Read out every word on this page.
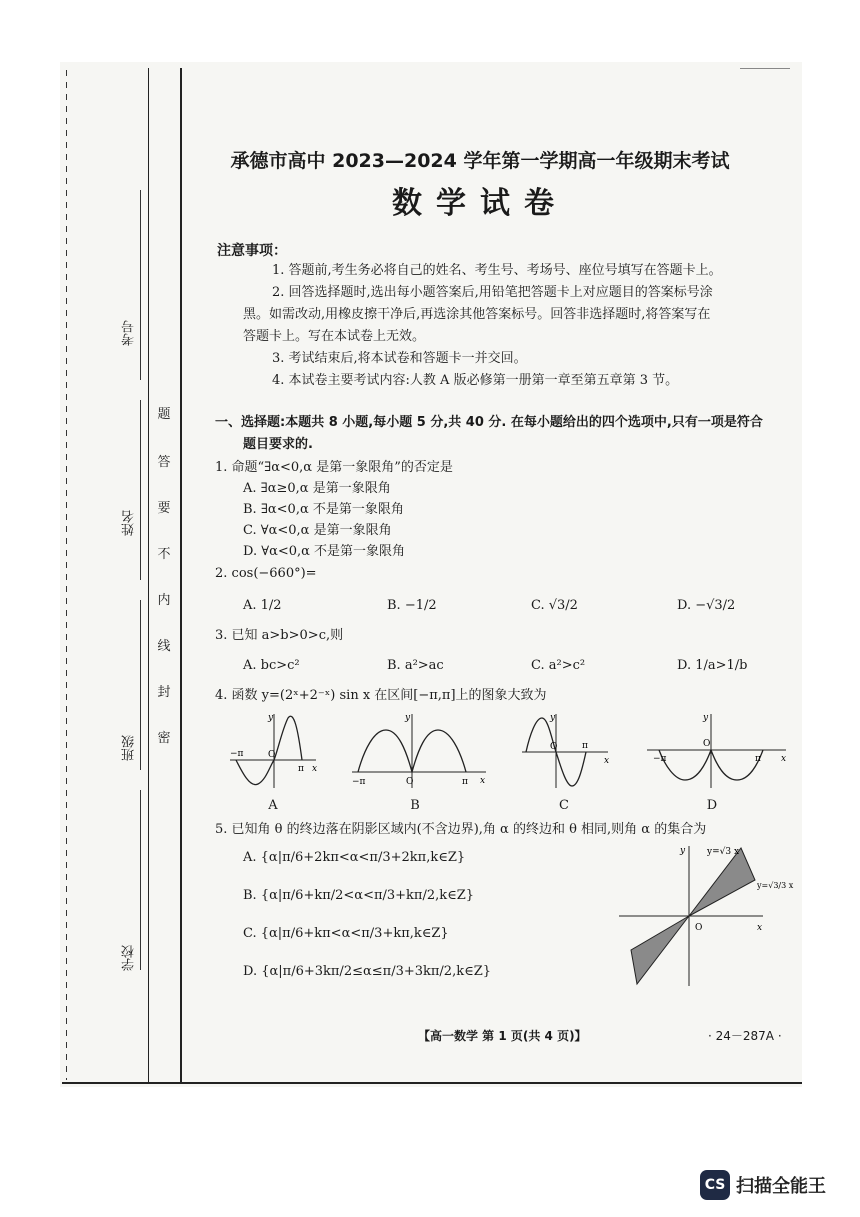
考号
姓名
班级
学校
题
答
要
不
内
线
封
密
承德市高中 2023—2024 学年第一学期高一年级期末考试
数学试卷
注意事项：
1. 答题前,考生务必将自己的姓名、考生号、考场号、座位号填写在答题卡上。
2. 回答选择题时,选出每小题答案后,用铅笔把答题卡上对应题目的答案标号涂
黑。如需改动,用橡皮擦干净后,再选涂其他答案标号。回答非选择题时,将答案写在
答题卡上。写在本试卷上无效。
3. 考试结束后,将本试卷和答题卡一并交回。
4. 本试卷主要考试内容:人教 A 版必修第一册第一章至第五章第 3 节。
一、选择题:本题共 8 小题,每小题 5 分,共 40 分. 在每小题给出的四个选项中,只有一项是符合
题目要求的.
1. 命题“∃α<0,α 是第一象限角”的否定是
A. ∃α≥0,α 是第一象限角
B. ∃α<0,α 不是第一象限角
C. ∀α<0,α 是第一象限角
D. ∀α<0,α 不是第一象限角
2. cos(−660°)=
A. 1/2	B. −1/2	C. √3/2	D. −√3/2
3. 已知 a>b>0>c,则
A. bc>c²	B. a²>ac	C. a²>c²	D. 1/a>1/b
4. 函数 y=(2ˣ+2⁻ˣ) sin x 在区间[−π,π]上的图象大致为
O
y
x
−π
π
A
O
y
x
−π	π
B
O
y
x
π
C
O
y
x
−π	π
D
5. 已知角 θ 的终边落在阴影区域内(不含边界),角 α 的终边和 θ 相同,则角 α 的集合为
A. {α|π/6+2kπ<α<π/3+2kπ,k∈Z}
B. {α|π/6+kπ/2<α<π/3+kπ/2,k∈Z}
C. {α|π/6+kπ<α<π/3+kπ,k∈Z}
D. {α|π/6+3kπ/2≤α≤π/3+3kπ/2,k∈Z}
O
y
x
y=√3 x
y=√3/3 x
【高一数学 第 1 页(共 4 页)】	· 24－287A ·
CS 扫描全能王
